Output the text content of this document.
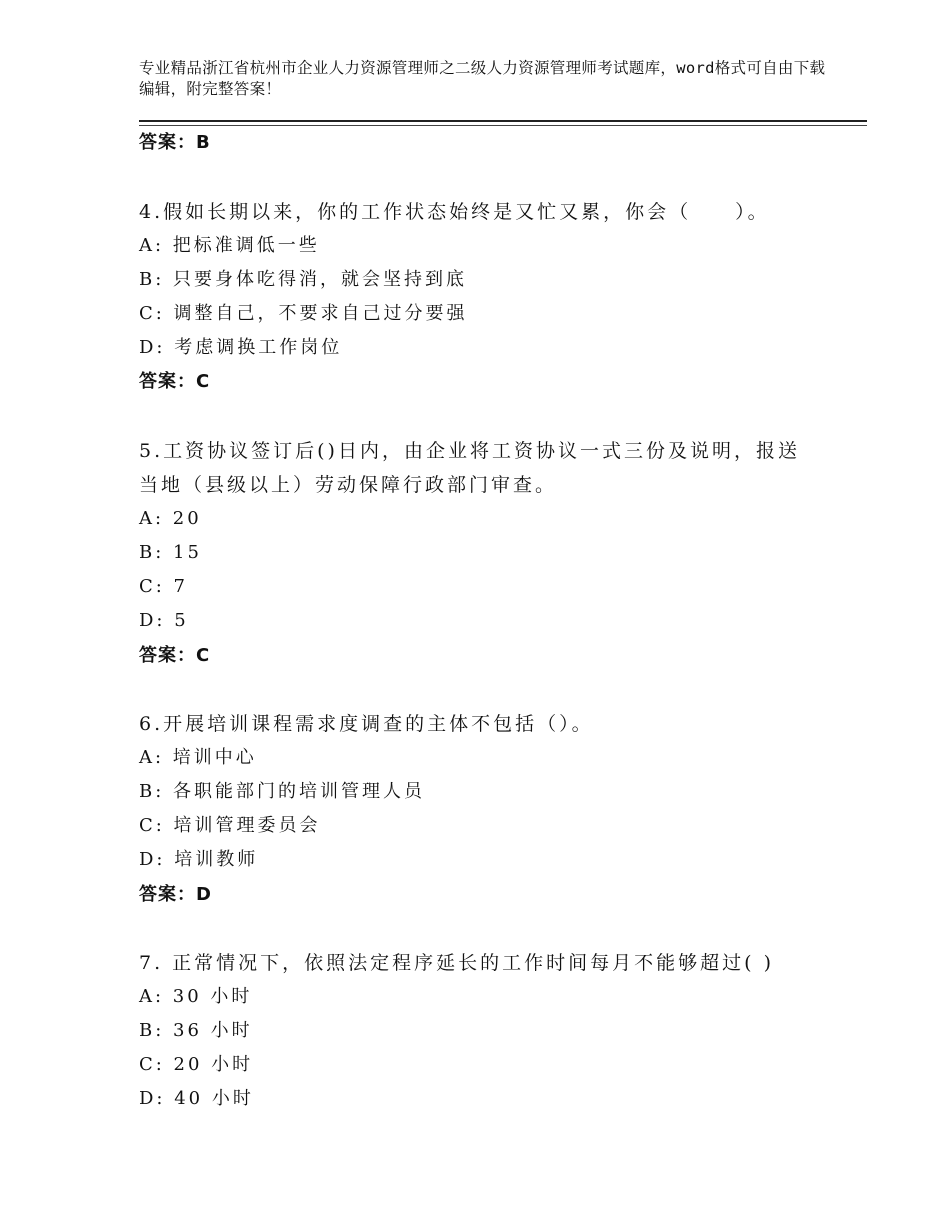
专业精品浙江省杭州市企业人力资源管理师之二级人力资源管理师考试题库，word格式可自由下载编辑，附完整答案！
答案：B
4.假如长期以来，你的工作状态始终是又忙又累，你会（　　）。
A: 把标准调低一些
B: 只要身体吃得消，就会坚持到底
C: 调整自己，不要求自己过分要强
D: 考虑调换工作岗位
答案：C
5.工资协议签订后()日内，由企业将工资协议一式三份及说明，报送
当地（县级以上）劳动保障行政部门审查。
A: 20
B: 15
C: 7
D: 5
答案：C
6.开展培训课程需求度调查的主体不包括（）。
A: 培训中心
B: 各职能部门的培训管理人员
C: 培训管理委员会
D: 培训教师
答案：D
7. 正常情况下，依照法定程序延长的工作时间每月不能够超过( )
A: 30 小时
B: 36 小时
C: 20 小时
D: 40 小时
